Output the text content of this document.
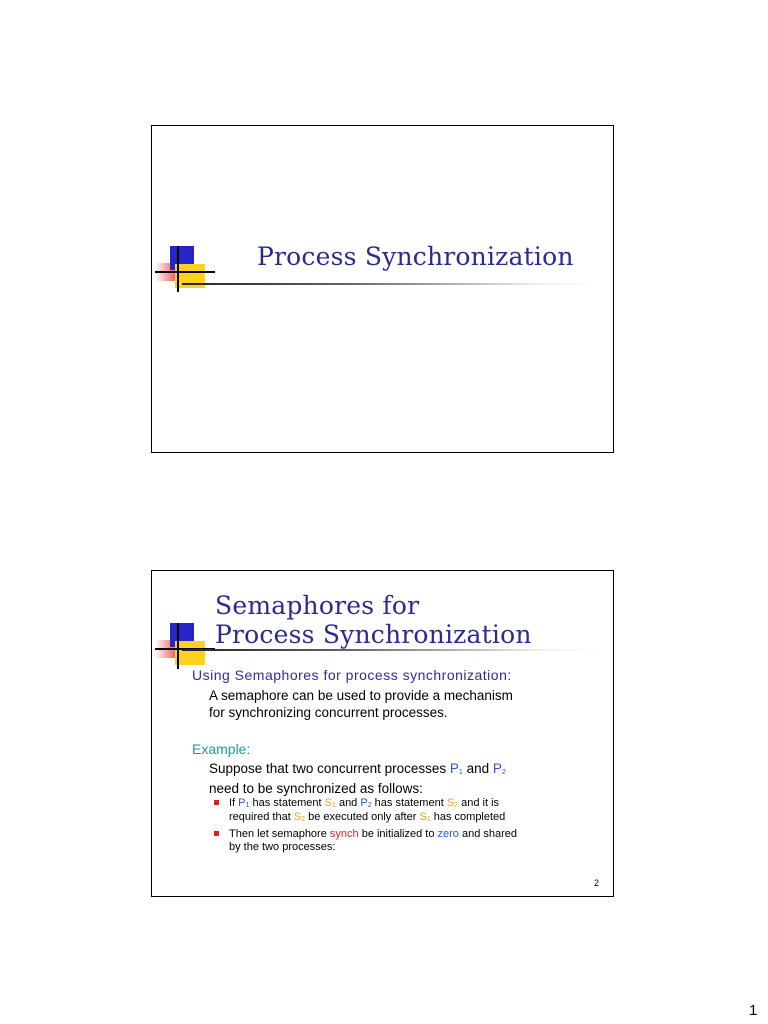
Process Synchronization
Semaphores for
Process Synchronization
Using Semaphores for process synchronization:
A semaphore can be used to provide a mechanism
for synchronizing concurrent processes.
Example:
Suppose that two concurrent processes $P_1$ and $P_2$
need to be synchronized as follows:
If $P_1$ has statement $S_1$ and $P_2$ has statement $S_2$ and it is
required that $S_2$ be executed only after $S_1$ has completed
Then let semaphore synch be initialized to zero and shared
by the two processes:
2
1
